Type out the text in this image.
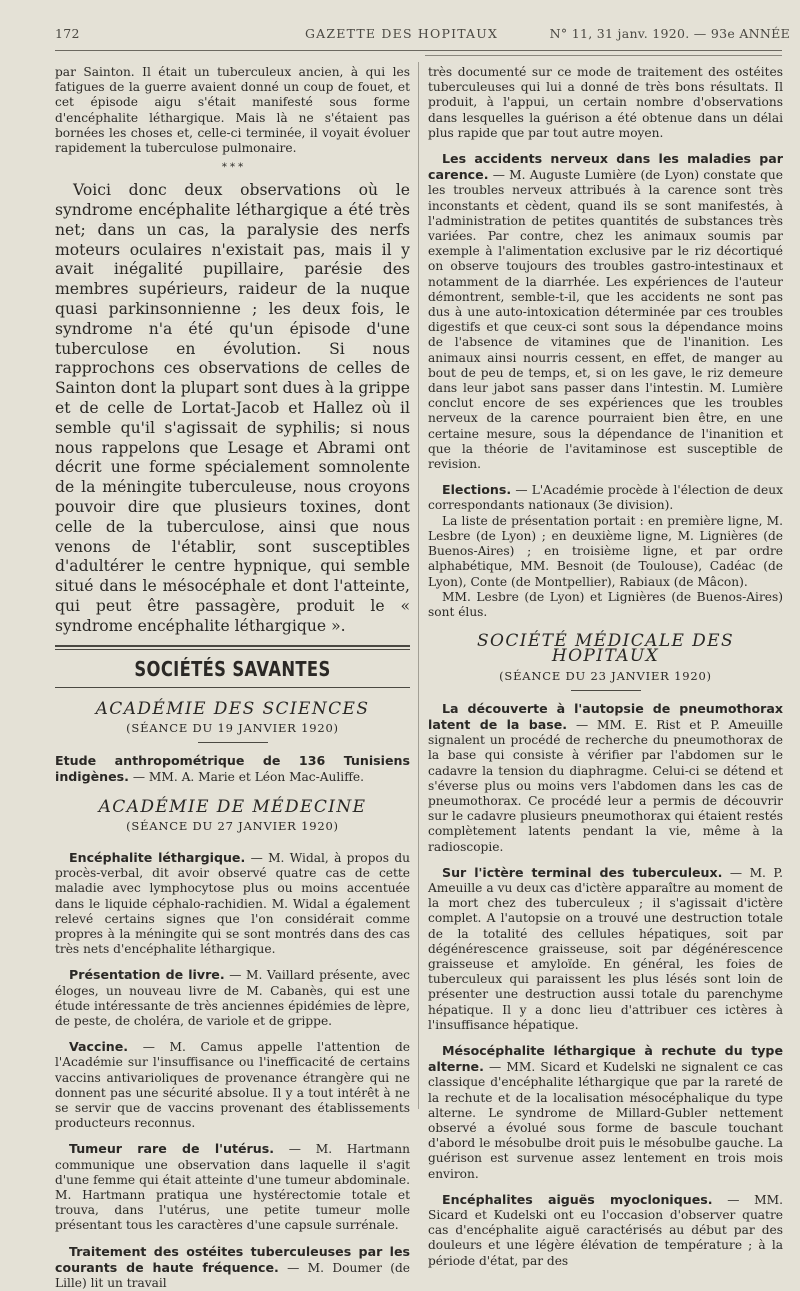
172	GAZETTE DES HOPITAUX	N° 11, 31 janv. 1920. — 93e ANNÉE

par Sainton. Il était un tuberculeux ancien, à qui les fatigues de la guerre avaient donné un coup de fouet, et cet épisode aigu s'était manifesté sous forme d'encéphalite léthargique. Mais là ne s'étaient pas bornées les choses et, celle-ci terminée, il voyait évoluer rapidement la tuberculose pulmonaire.

* * *

Voici donc deux observations où le syndrome encéphalite léthargique a été très net; dans un cas, la paralysie des nerfs moteurs oculaires n'existait pas, mais il y avait inégalité pupillaire, parésie des membres supérieurs, raideur de la nuque quasi parkinsonnienne ; les deux fois, le syndrome n'a été qu'un épisode d'une tuberculose en évolution. Si nous rapprochons ces observations de celles de Sainton dont la plupart sont dues à la grippe et de celle de Lortat-Jacob et Hallez où il semble qu'il s'agissait de syphilis; si nous nous rappelons que Lesage et Abrami ont décrit une forme spécialement somnolente de la méningite tuberculeuse, nous croyons pouvoir dire que plusieurs toxines, dont celle de la tuberculose, ainsi que nous venons de l'établir, sont susceptibles d'adultérer le centre hypnique, qui semble situé dans le mésocéphale et dont l'atteinte, qui peut être passagère, produit le « syndrome encéphalite léthargique ».

SOCIÉTÉS SAVANTES
ACADÉMIE DES SCIENCES
(SÉANCE DU 19 JANVIER 1920)

Etude anthropométrique de 136 Tunisiens indigènes. — MM. A. Marie et Léon Mac-Auliffe.

ACADÉMIE DE MÉDECINE
(SÉANCE DU 27 JANVIER 1920)

Encéphalite léthargique. — M. Widal, à propos du procès-verbal, dit avoir observé quatre cas de cette maladie avec lymphocytose plus ou moins accentuée dans le liquide céphalo-rachidien. M. Widal a également relevé certains signes que l'on considérait comme propres à la méningite qui se sont montrés dans des cas très nets d'encéphalite léthargique.

Présentation de livre. — M. Vaillard présente, avec éloges, un nouveau livre de M. Cabanès, qui est une étude intéressante de très anciennes épidémies de lèpre, de peste, de choléra, de variole et de grippe.

Vaccine. — M. Camus appelle l'attention de l'Académie sur l'insuffisance ou l'inefficacité de certains vaccins antivarioliques de provenance étrangère qui ne donnent pas une sécurité absolue. Il y a tout intérêt à ne se servir que de vaccins provenant des établissements producteurs reconnus.

Tumeur rare de l'utérus. — M. Hartmann communique une observation dans laquelle il s'agit d'une femme qui était atteinte d'une tumeur abdominale. M. Hartmann pratiqua une hystérectomie totale et trouva, dans l'utérus, une petite tumeur molle présentant tous les caractères d'une capsule surrénale.

Traitement des ostéites tuberculeuses par les courants de haute fréquence. — M. Doumer (de Lille) lit un travail

très documenté sur ce mode de traitement des ostéites tuberculeuses qui lui a donné de très bons résultats. Il produit, à l'appui, un certain nombre d'observations dans lesquelles la guérison a été obtenue dans un délai plus rapide que par tout autre moyen.

Les accidents nerveux dans les maladies par carence. — M. Auguste Lumière (de Lyon) constate que les troubles nerveux attribués à la carence sont très inconstants et cèdent, quand ils se sont manifestés, à l'administration de petites quantités de substances très variées. Par contre, chez les animaux soumis par exemple à l'alimentation exclusive par le riz décortiqué on observe toujours des troubles gastro-intestinaux et notamment de la diarrhée. Les expériences de l'auteur démontrent, semble-t-il, que les accidents ne sont pas dus à une auto-intoxication déterminée par ces troubles digestifs et que ceux-ci sont sous la dépendance moins de l'absence de vitamines que de l'inanition. Les animaux ainsi nourris cessent, en effet, de manger au bout de peu de temps, et, si on les gave, le riz demeure dans leur jabot sans passer dans l'intestin. M. Lumière conclut encore de ses expériences que les troubles nerveux de la carence pourraient bien être, en une certaine mesure, sous la dépendance de l'inanition et que la théorie de l'avitaminose est susceptible de revision.

Elections. — L'Académie procède à l'élection de deux correspondants nationaux (3e division).

La liste de présentation portait : en première ligne, M. Lesbre (de Lyon) ; en deuxième ligne, M. Lignières (de Buenos-Aires) ; en troisième ligne, et par ordre alphabétique, MM. Besnoit (de Toulouse), Cadéac (de Lyon), Conte (de Montpellier), Rabiaux (de Mâcon).

MM. Lesbre (de Lyon) et Lignières (de Buenos-Aires) sont élus.

SOCIÉTÉ MÉDICALE DES HOPITAUX
(SÉANCE DU 23 JANVIER 1920)

La découverte à l'autopsie de pneumothorax latent de la base. — MM. E. Rist et P. Ameuille signalent un procédé de recherche du pneumothorax de la base qui consiste à vérifier par l'abdomen sur le cadavre la tension du diaphragme. Celui-ci se détend et s'éverse plus ou moins vers l'abdomen dans les cas de pneumothorax. Ce procédé leur a permis de découvrir sur le cadavre plusieurs pneumothorax qui étaient restés complètement latents pendant la vie, même à la radioscopie.

Sur l'ictère terminal des tuberculeux. — M. P. Ameuille a vu deux cas d'ictère apparaître au moment de la mort chez des tuberculeux ; il s'agissait d'ictère complet. A l'autopsie on a trouvé une destruction totale de la totalité des cellules hépatiques, soit par dégénérescence graisseuse, soit par dégénérescence graisseuse et amyloïde. En général, les foies de tuberculeux qui paraissent les plus lésés sont loin de présenter une destruction aussi totale du parenchyme hépatique. Il y a donc lieu d'attribuer ces ictères à l'insuffisance hépatique.

Mésocéphalite léthargique à rechute du type alterne. — MM. Sicard et Kudelski ne signalent ce cas classique d'encéphalite léthargique que par la rareté de la rechute et de la localisation mésocéphalique du type alterne. Le syndrome de Millard-Gubler nettement observé a évolué sous forme de bascule touchant d'abord le mésobulbe droit puis le mésobulbe gauche. La guérison est survenue assez lentement en trois mois environ.

Encéphalites aiguës myocloniques. — MM. Sicard et Kudelski ont eu l'occasion d'observer quatre cas d'encéphalite aiguë caractérisés au début par des douleurs et une légère élévation de température ; à la période d'état, par des
